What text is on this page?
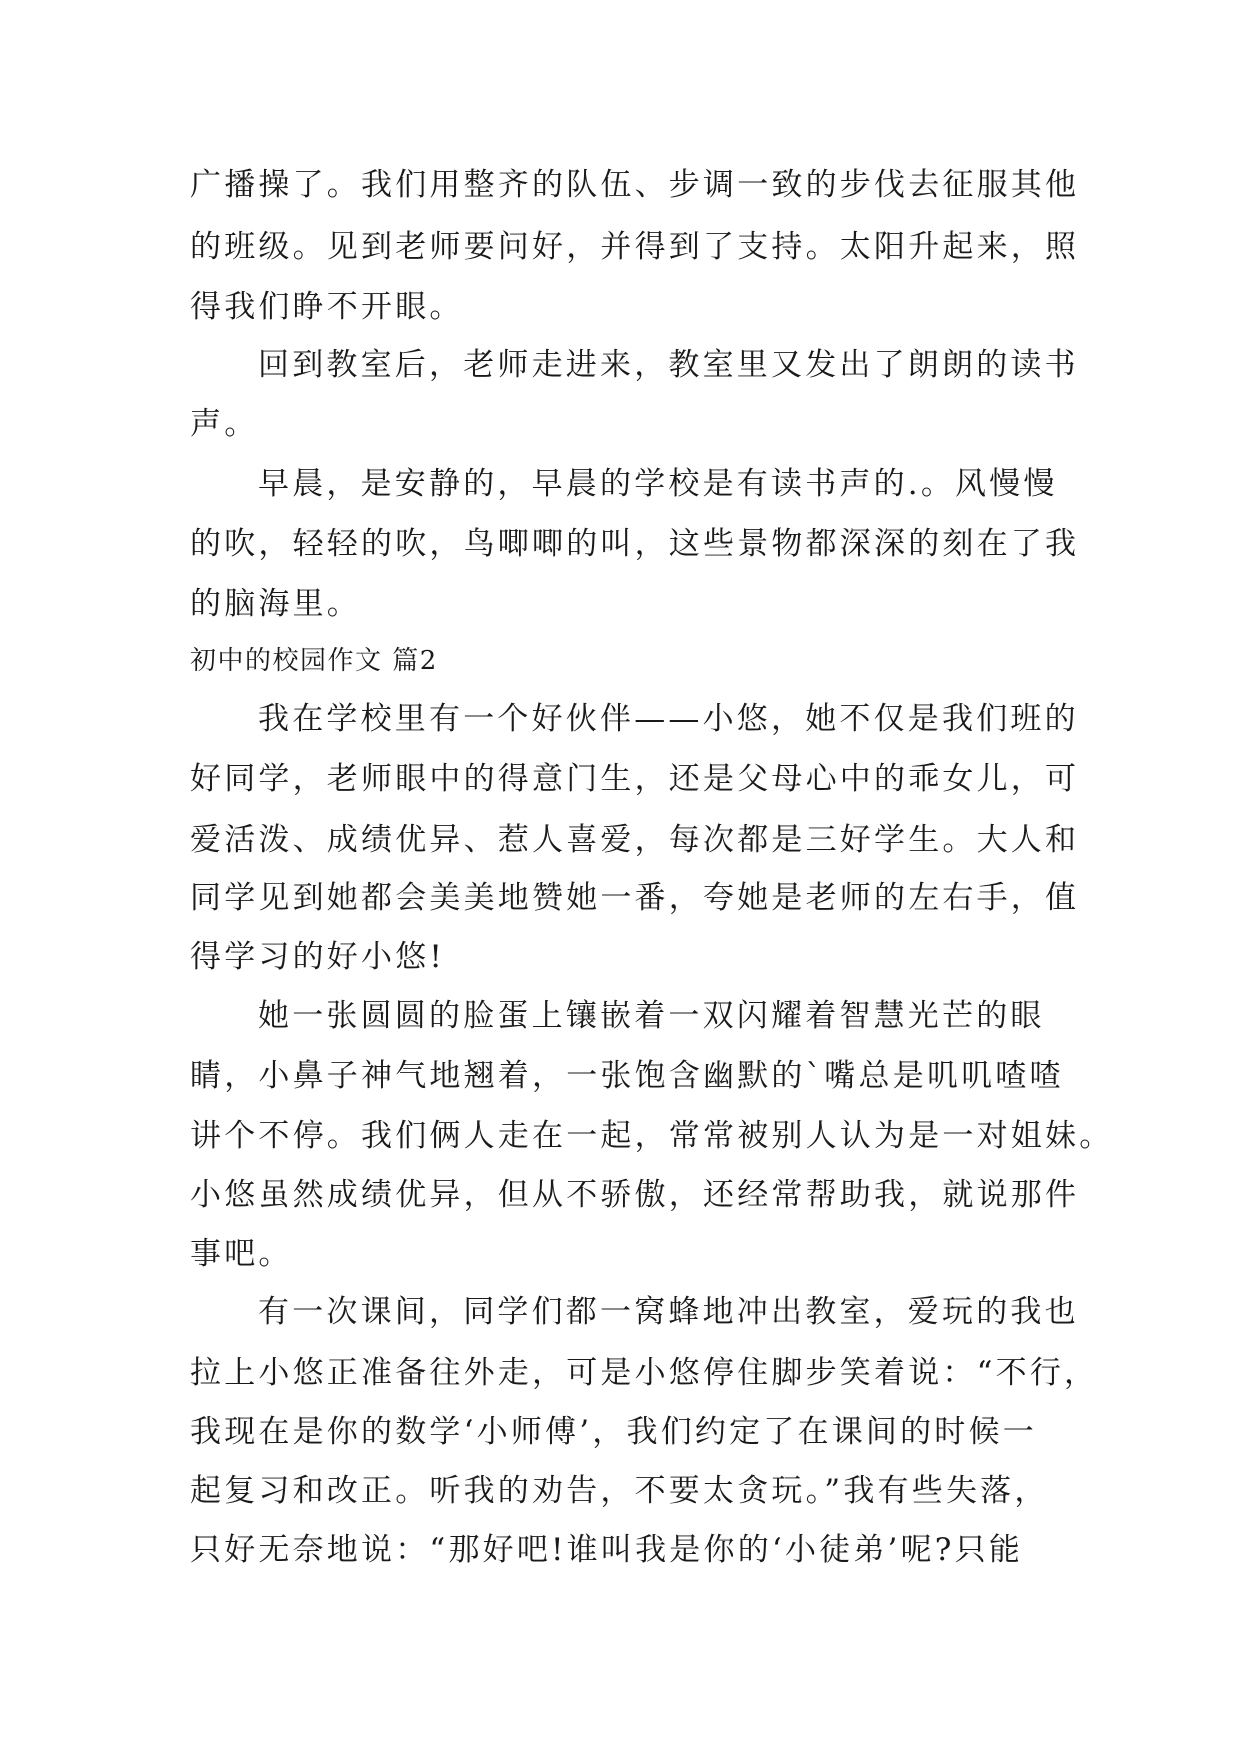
广播操了。我们用整齐的队伍、步调一致的步伐去征服其他
的班级。见到老师要问好，并得到了支持。太阳升起来，照
得我们睁不开眼。
回到教室后，老师走进来，教室里又发出了朗朗的读书
声。
早晨，是安静的，早晨的学校是有读书声的.。风慢慢
的吹，轻轻的吹，鸟唧唧的叫，这些景物都深深的刻在了我
的脑海里。
初中的校园作文 篇2
我在学校里有一个好伙伴——小悠，她不仅是我们班的
好同学，老师眼中的得意门生，还是父母心中的乖女儿，可
爱活泼、成绩优异、惹人喜爱，每次都是三好学生。大人和
同学见到她都会美美地赞她一番，夸她是老师的左右手，值
得学习的好小悠!
她一张圆圆的脸蛋上镶嵌着一双闪耀着智慧光芒的眼
睛，小鼻子神气地翘着，一张饱含幽默的`嘴总是叽叽喳喳
讲个不停。我们俩人走在一起，常常被别人认为是一对姐妹。
小悠虽然成绩优异，但从不骄傲，还经常帮助我，就说那件
事吧。
有一次课间，同学们都一窝蜂地冲出教室，爱玩的我也
拉上小悠正准备往外走，可是小悠停住脚步笑着说：“不行，
我现在是你的数学‘小师傅’，我们约定了在课间的时候一
起复习和改正。听我的劝告，不要太贪玩。”我有些失落，
只好无奈地说：“那好吧!谁叫我是你的‘小徒弟’呢?只能
